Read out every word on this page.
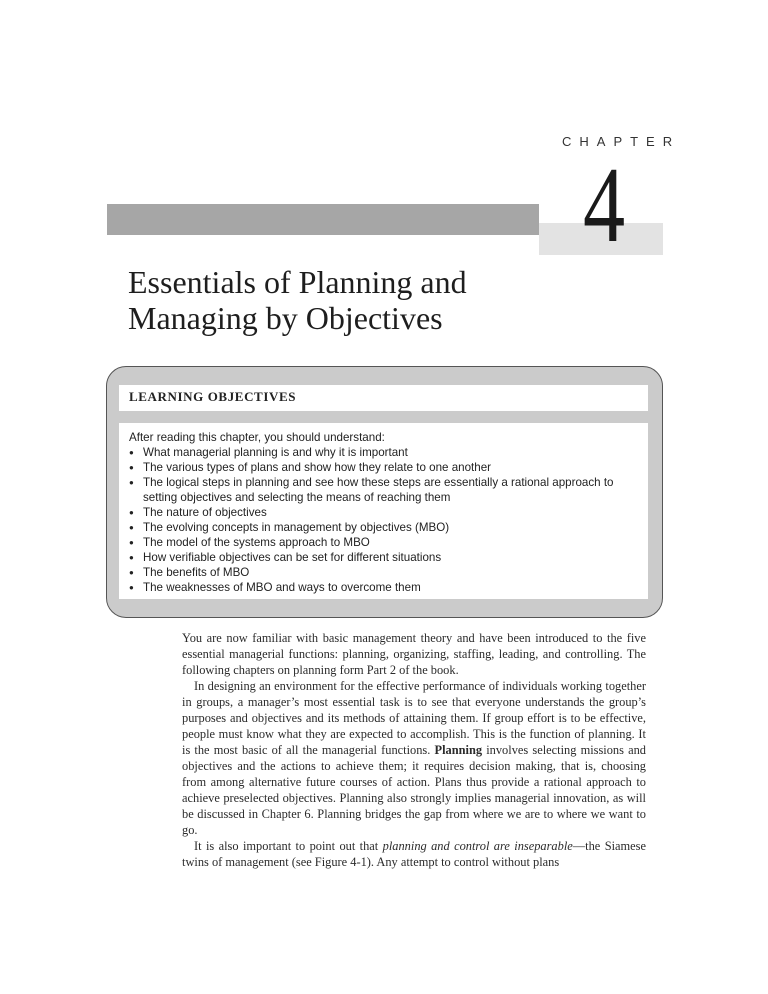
CHAPTER
4
Essentials of Planning and
Managing by Objectives
LEARNING OBJECTIVES
After reading this chapter, you should understand:
● What managerial planning is and why it is important
● The various types of plans and show how they relate to one another
● The logical steps in planning and see how these steps are essentially a rational approach to setting objectives and selecting the means of reaching them
● The nature of objectives
● The evolving concepts in management by objectives (MBO)
● The model of the systems approach to MBO
● How verifiable objectives can be set for different situations
● The benefits of MBO
● The weaknesses of MBO and ways to overcome them

You are now familiar with basic management theory and have been introduced to the five essential managerial functions: planning, organizing, staffing, leading, and controlling. The following chapters on planning form Part 2 of the book.

In designing an environment for the effective performance of individuals working together in groups, a manager’s most essential task is to see that everyone understands the group’s purposes and objectives and its methods of attaining them. If group effort is to be effective, people must know what they are expected to accomplish. This is the function of planning. It is the most basic of all the managerial functions. Planning involves selecting missions and objectives and the actions to achieve them; it requires decision making, that is, choosing from among alternative future courses of action. Plans thus provide a rational approach to achieve preselected objectives. Planning also strongly implies managerial innovation, as will be discussed in Chapter 6. Planning bridges the gap from where we are to where we want to go.

It is also important to point out that planning and control are inseparable—the Siamese twins of management (see Figure 4-1). Any attempt to control without plans
